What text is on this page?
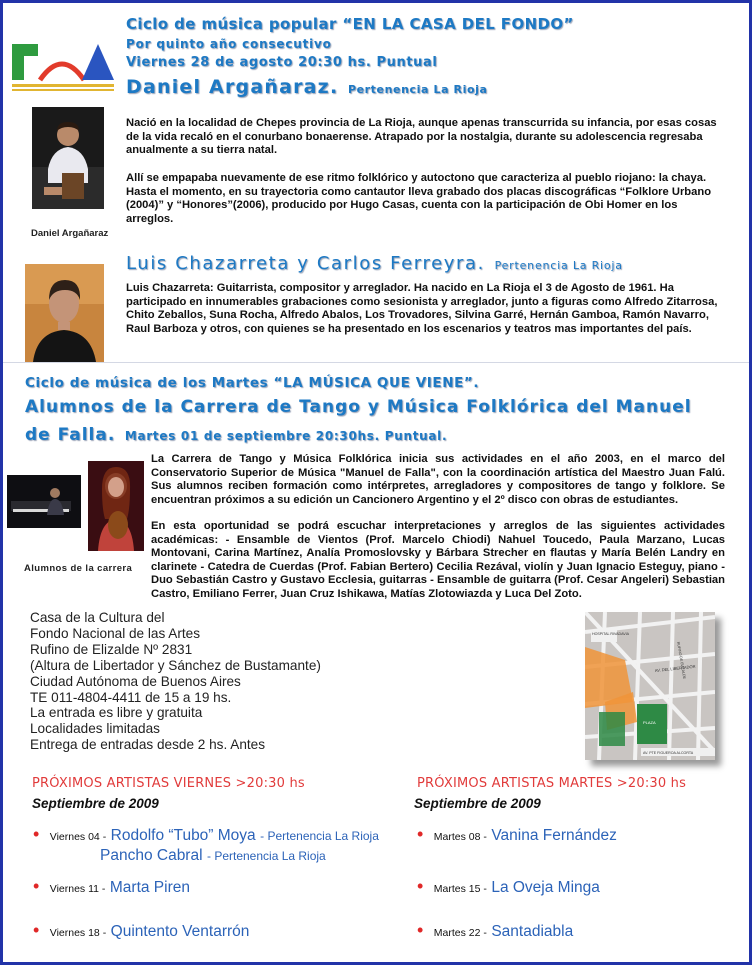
Ciclo de música popular “EN LA CASA DEL FONDO”
Por quinto año consecutivo
Viernes 28 de agosto 20:30 hs. Puntual
Daniel Argañaraz. Pertenencia La Rioja
Daniel Argañaraz

Nació en la localidad de Chepes provincia de La Rioja, aunque apenas transcurrida su infancia, por esas cosas de la vida recaló en el conurbano bonaerense. Atrapado por la nostalgia, durante su adolescencia regresaba anualmente a su tierra natal.

Allí se empapaba nuevamente de ese ritmo folklórico y autoctono que caracteriza al pueblo riojano: la chaya. Hasta el momento, en su trayectoria como cantautor lleva grabado dos placas discográficas “Folklore Urbano (2004)” y “Honores”(2006), producido por Hugo Casas, cuenta con la participación de Obi Homer en los arreglos.

Luis Chazarreta y Carlos Ferreyra. Pertenencia La Rioja

Luis Chazarreta: Guitarrista, compositor y arreglador. Ha nacido en La Rioja el 3 de Agosto de 1961. Ha participado en innumerables grabaciones como sesionista y arreglador, junto a figuras como Alfredo Zitarrosa, Chito Zeballos, Suna Rocha, Alfredo Abalos, Los Trovadores, Silvina Garré, Hernán Gamboa, Ramón Navarro, Raul Barboza y otros, con quienes se ha presentado en los escenarios y teatros mas importantes del país.

Ciclo de música de los Martes “LA MÚSICA QUE VIENE”.
Alumnos de la Carrera de Tango y Música Folklórica del Manuel
de Falla. Martes 01 de septiembre 20:30hs. Puntual.
Alumnos de la carrera

La Carrera de Tango y Música Folklórica inicia sus actividades en el año 2003, en el marco del Conservatorio Superior de Música "Manuel de Falla", con la coordinación artística del Maestro Juan Falú. Sus alumnos reciben formación como intérpretes, arregladores y compositores de tango y folklore. Se encuentran próximos a su edición un Cancionero Argentino y el 2º disco con obras de estudiantes.

En esta oportunidad se podrá escuchar interpretaciones y arreglos de las siguientes actividades académicas: - Ensamble de Vientos (Prof. Marcelo Chiodi) Nahuel Toucedo, Paula Marzano, Lucas Montovani, Carina Martínez, Analía Promoslovsky y Bárbara Strecher en flautas y María Belén Landry en clarinete - Catedra de Cuerdas (Prof. Fabian Bertero) Cecilia Rezával, violín y Juan Ignacio Esteguy, piano -Duo Sebastián Castro y Gustavo Ecclesia, guitarras - Ensamble de guitarra (Prof. Cesar Angeleri) Sebastian Castro, Emiliano Ferrer, Juan Cruz Ishikawa, Matías Zlotowiazda y Luca Del Zoto.

Casa de la Cultura del
Fondo Nacional de las Artes
Rufino de Elizalde Nº 2831
(Altura de Libertador y Sánchez de Bustamante)
Ciudad Autónoma de Buenos Aires
TE 011-4804-4411 de 15 a 19 hs.
La entrada es libre y gratuita
Localidades limitadas
Entrega de entradas desde 2 hs. Antes
HOSPITAL RIVADAVIA
AV. DEL LIBERTADOR
PLAZA
AV. PTE FIGUEROA ALCORTA
RUFINO DE ELIZALDE
PRÓXIMOS ARTISTAS VIERNES >20:30 hs
Septiembre de 2009
• Viernes 04 - Rodolfo “Tubo” Moya - Pertenencia La Rioja
Pancho Cabral - Pertenencia La Rioja
• Viernes 11 - Marta Piren
• Viernes 18 - Quintento Ventarrón
PRÓXIMOS ARTISTAS MARTES >20:30 hs
Septiembre de 2009
• Martes 08 - Vanina Fernández
• Martes 15 - La Oveja Minga
• Martes 22 - Santadiabla
